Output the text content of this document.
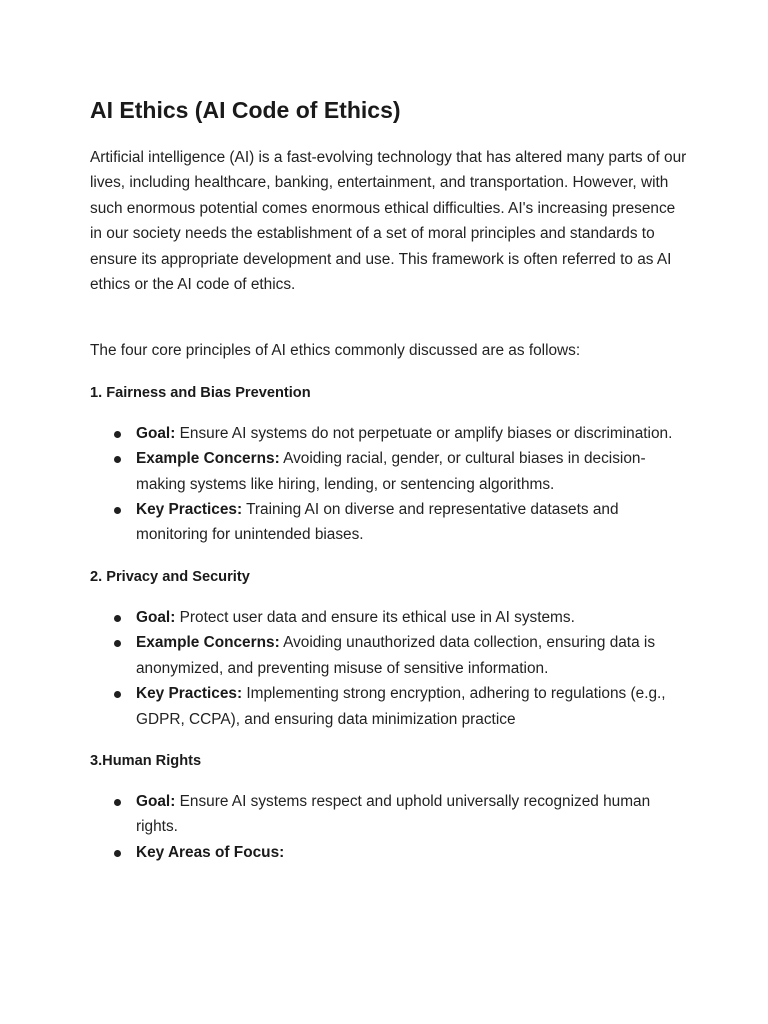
AI Ethics (AI Code of Ethics)

Artificial intelligence (AI) is a fast-evolving technology that has altered many parts of our lives, including healthcare, banking, entertainment, and transportation. However, with such enormous potential comes enormous ethical difficulties. AI's increasing presence in our society needs the establishment of a set of moral principles and standards to ensure its appropriate development and use. This framework is often referred to as AI ethics or the AI code of ethics.

The four core principles of AI ethics commonly discussed are as follows:

1. Fairness and Bias Prevention
Goal: Ensure AI systems do not perpetuate or amplify biases or discrimination.
Example Concerns: Avoiding racial, gender, or cultural biases in decision-making systems like hiring, lending, or sentencing algorithms.
Key Practices: Training AI on diverse and representative datasets and monitoring for unintended biases.
2. Privacy and Security
Goal: Protect user data and ensure its ethical use in AI systems.
Example Concerns: Avoiding unauthorized data collection, ensuring data is anonymized, and preventing misuse of sensitive information.
Key Practices: Implementing strong encryption, adhering to regulations (e.g., GDPR, CCPA), and ensuring data minimization practice
3.Human Rights
Goal: Ensure AI systems respect and uphold universally recognized human rights.
Key Areas of Focus:
